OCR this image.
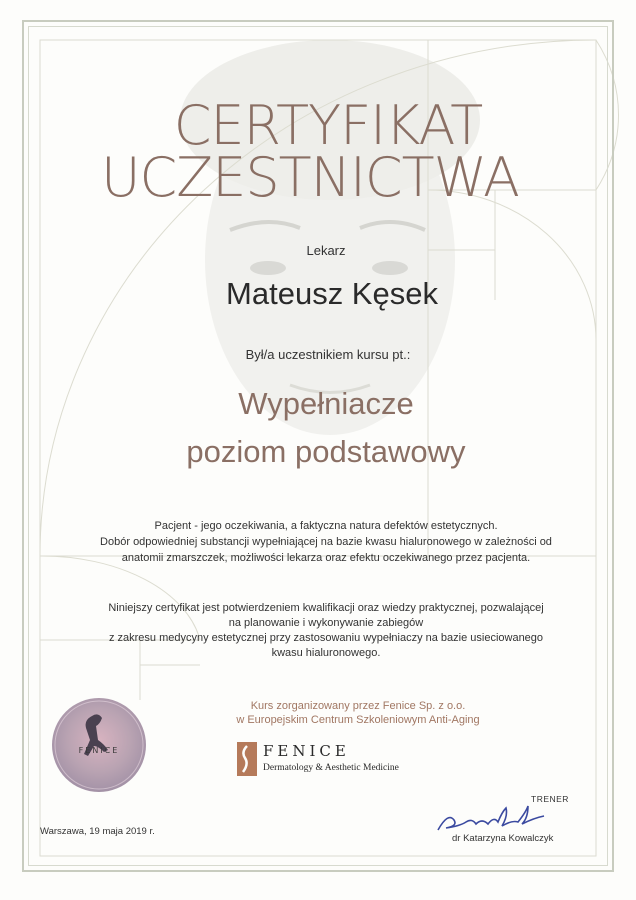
CERTYFIKAT
UCZESTNICTWA
Lekarz
Mateusz Kęsek
Był/a uczestnikiem kursu pt.:
Wypełniacze
poziom podstawowy
Pacjent - jego oczekiwania, a faktyczna natura defektów estetycznych.
Dobór odpowiedniej substancji wypełniającej na bazie kwasu hialuronowego w zależności od
anatomii zmarszczek, możliwości lekarza oraz efektu oczekiwanego przez pacjenta.
Niniejszy certyfikat jest potwierdzeniem kwalifikacji oraz wiedzy praktycznej, pozwalającej
na planowanie i wykonywanie zabiegów
z zakresu medycyny estetycznej przy zastosowaniu wypełniaczy na bazie usieciowanego
kwasu hialuronowego.
Kurs zorganizowany przez Fenice Sp. z o.o.
w Europejskim Centrum Szkoleniowym Anti-Aging
FENICE	FENICE
Dermatology & Aesthetic Medicine
Warszawa, 19 maja 2019 r.
TRENER
dr Katarzyna Kowalczyk
